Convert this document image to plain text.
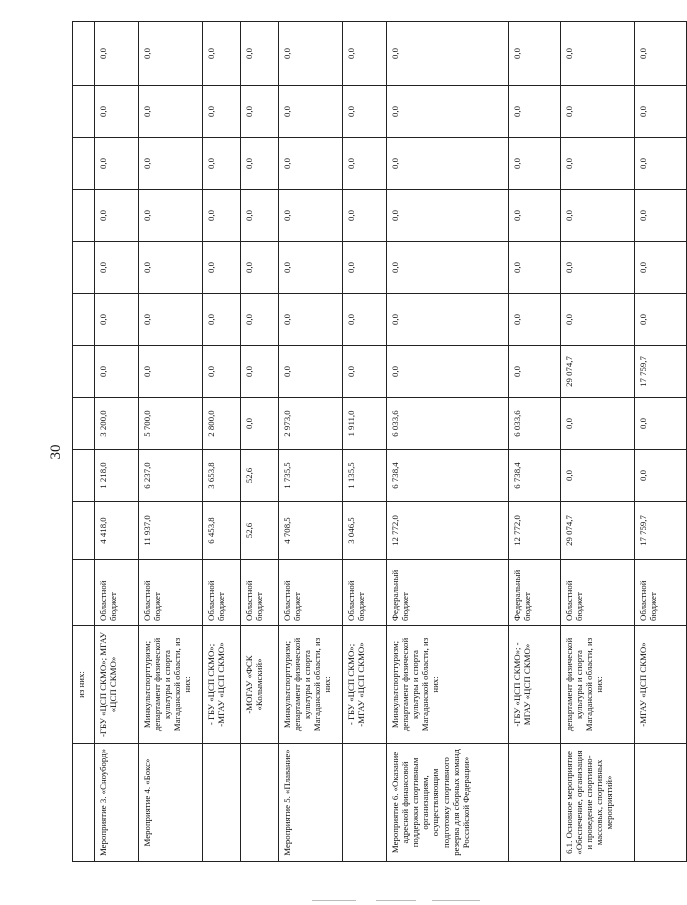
30
	из них:											
Мероприятие 3. «Сноуборд»	-ГБУ «ЦСП СКМО»; МГАУ «ЦСП СКМО»	Областной бюджет	4 418,0	1 218,0	3 200,0	0,0	0,0	0,0	0,0	0,0	0,0	0,0
Мероприятие 4. «Бокс»	Минкультспорттуризм; департамент физической культуры и спорта Магаданской области, из них:	Областной бюджет	11 937,0	6 237,0	5 700,0	0,0	0,0	0,0	0,0	0,0	0,0	0,0
	- ГБУ «ЦСП СКМО»; -МГАУ «ЦСП СКМО»	Областной бюджет	6 453,8	3 653,8	2 800,0	0,0	0,0	0,0	0,0	0,0	0,0	0,0
	-МОГАУ «ФСК «Колымский»	Областной бюджет	52,6	52,6	0,0	0,0	0,0	0,0	0,0	0,0	0,0	0,0
Мероприятие 5. «Плавание»	Минкультспорттуризм; департамент физической культуры и спорта Магаданской области, из них:	Областной бюджет	4 708,5	1 735,5	2 973,0	0,0	0,0	0,0	0,0	0,0	0,0	0,0
	- ГБУ «ЦСП СКМО»; -МГАУ «ЦСП СКМО»	Областной бюджет	3 046,5	1 135,5	1 911,0	0,0	0,0	0,0	0,0	0,0	0,0	0,0
Мероприятие 6. «Оказание адресной финансовой поддержки спортивным организациям, осуществляющим подготовку спортивного резерва для сборных команд Российской Федерации»	Минкультспорттуризм; департамент физической культуры и спорта Магаданской области, из них:	Федеральный бюджет	12 772,0	6 738,4	6 033,6	0,0	0,0	0,0	0,0	0,0	0,0	0,0
	-ГБУ «ЦСП СКМО»; - МГАУ «ЦСП СКМО»	Федеральный бюджет	12 772,0	6 738,4	6 033,6	0,0	0,0	0,0	0,0	0,0	0,0	0,0
6.1. Основное мероприятие «Обеспечение, организация и проведение спортивно-массовых, спортивных мероприятий»	департамент физической культуры и спорта Магаданской области, из них:	Областной бюджет	29 074,7	0,0	0,0	29 074,7	0,0	0,0	0,0	0,0	0,0	0,0
	-МГАУ «ЦСП СКМО»	Областной бюджет	17 759,7	0,0	0,0	17 759,7	0,0	0,0	0,0	0,0	0,0	0,0
